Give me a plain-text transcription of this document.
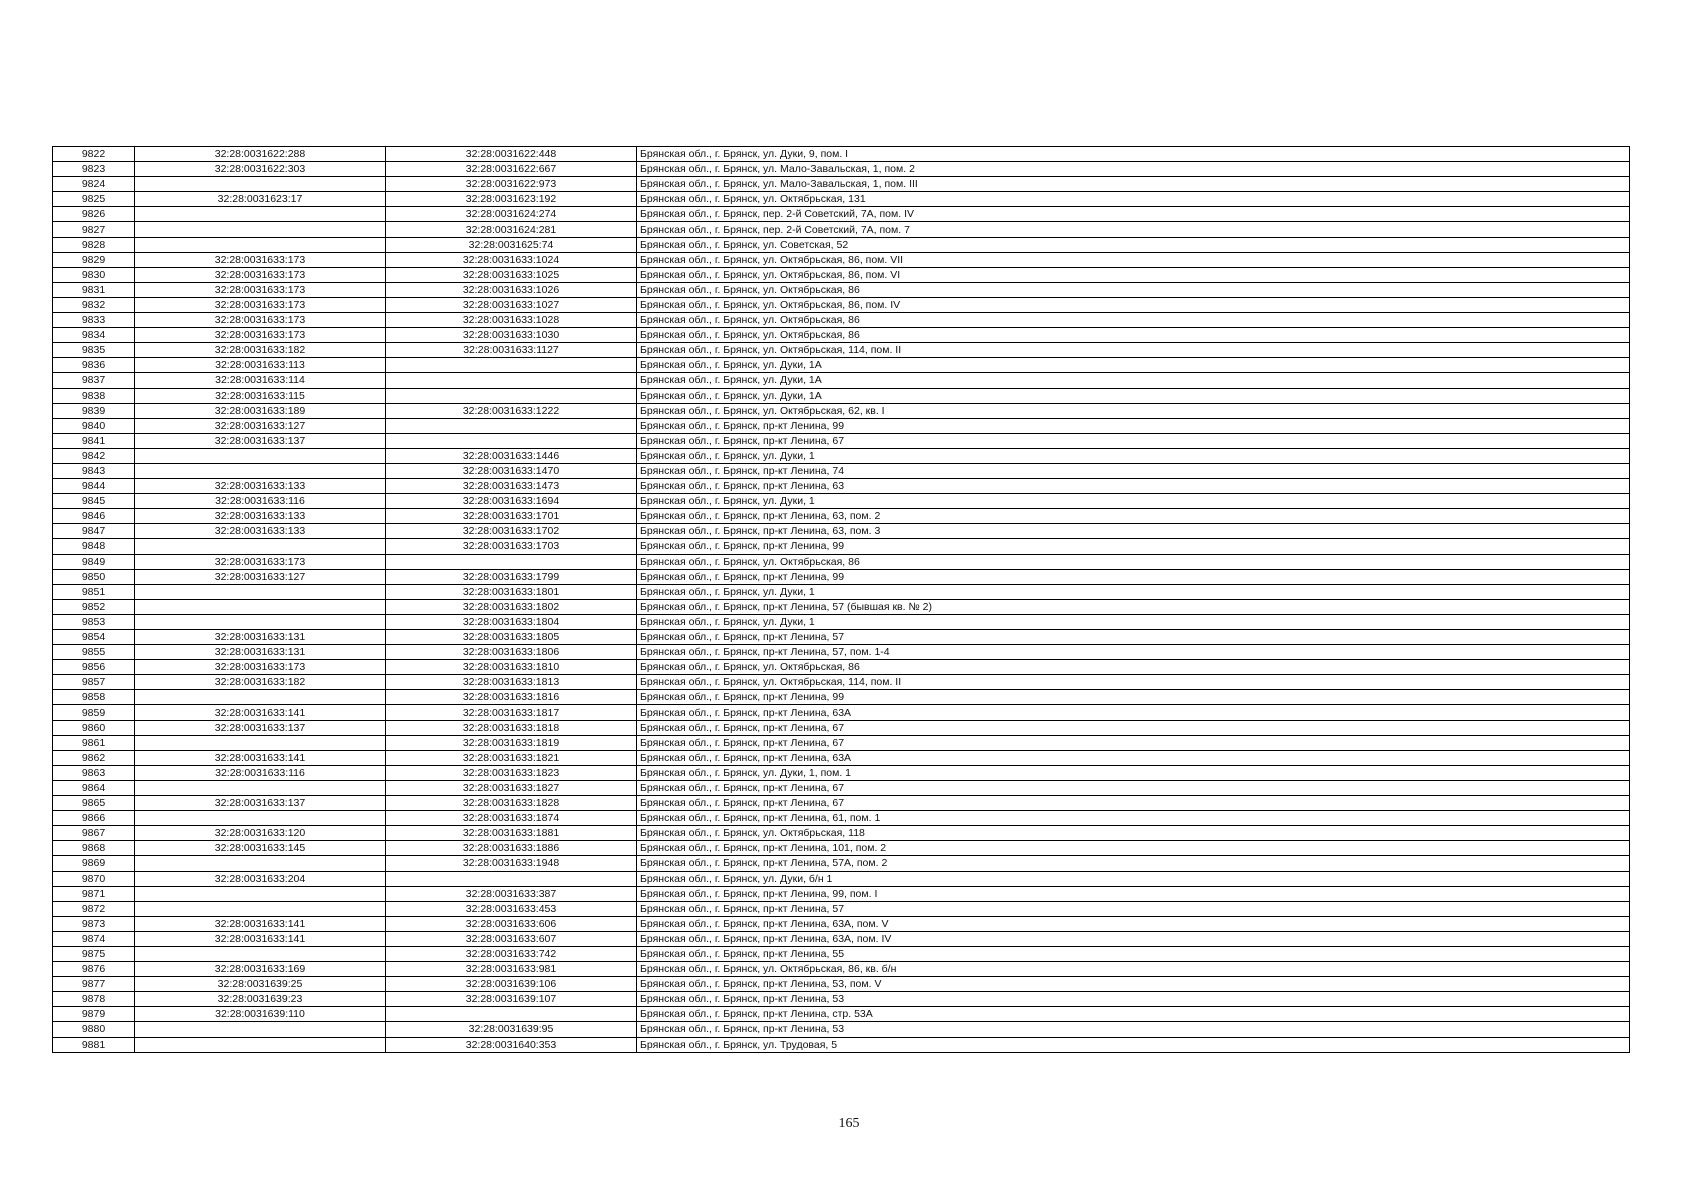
9822	32:28:0031622:288	32:28:0031622:448	Брянская обл., г. Брянск, ул. Дуки, 9, пом. I
9823	32:28:0031622:303	32:28:0031622:667	Брянская обл., г. Брянск, ул. Мало-Завальская, 1, пом. 2
9824		32:28:0031622:973	Брянская обл., г. Брянск, ул. Мало-Завальская, 1, пом. III
9825	32:28:0031623:17	32:28:0031623:192	Брянская обл., г. Брянск, ул. Октябрьская, 131
9826		32:28:0031624:274	Брянская обл., г. Брянск, пер. 2-й Советский, 7А, пом. IV
9827		32:28:0031624:281	Брянская обл., г. Брянск, пер. 2-й Советский, 7А, пом. 7
9828		32:28:0031625:74	Брянская обл., г. Брянск, ул. Советская, 52
9829	32:28:0031633:173	32:28:0031633:1024	Брянская обл., г. Брянск, ул. Октябрьская, 86, пом. VII
9830	32:28:0031633:173	32:28:0031633:1025	Брянская обл., г. Брянск, ул. Октябрьская, 86, пом. VI
9831	32:28:0031633:173	32:28:0031633:1026	Брянская обл., г. Брянск, ул. Октябрьская, 86
9832	32:28:0031633:173	32:28:0031633:1027	Брянская обл., г. Брянск, ул. Октябрьская, 86, пом. IV
9833	32:28:0031633:173	32:28:0031633:1028	Брянская обл., г. Брянск, ул. Октябрьская, 86
9834	32:28:0031633:173	32:28:0031633:1030	Брянская обл., г. Брянск, ул. Октябрьская, 86
9835	32:28:0031633:182	32:28:0031633:1127	Брянская обл., г. Брянск, ул. Октябрьская, 114, пом. II
9836	32:28:0031633:113		Брянская обл., г. Брянск, ул. Дуки, 1А
9837	32:28:0031633:114		Брянская обл., г. Брянск, ул. Дуки, 1А
9838	32:28:0031633:115		Брянская обл., г. Брянск, ул. Дуки, 1А
9839	32:28:0031633:189	32:28:0031633:1222	Брянская обл., г. Брянск, ул. Октябрьская, 62, кв. I
9840	32:28:0031633:127		Брянская обл., г. Брянск, пр-кт Ленина, 99
9841	32:28:0031633:137		Брянская обл., г. Брянск, пр-кт Ленина, 67
9842		32:28:0031633:1446	Брянская обл., г. Брянск, ул. Дуки, 1
9843		32:28:0031633:1470	Брянская обл., г. Брянск, пр-кт Ленина, 74
9844	32:28:0031633:133	32:28:0031633:1473	Брянская обл., г. Брянск, пр-кт Ленина, 63
9845	32:28:0031633:116	32:28:0031633:1694	Брянская обл., г. Брянск, ул. Дуки, 1
9846	32:28:0031633:133	32:28:0031633:1701	Брянская обл., г. Брянск, пр-кт Ленина, 63, пом. 2
9847	32:28:0031633:133	32:28:0031633:1702	Брянская обл., г. Брянск, пр-кт Ленина, 63, пом. 3
9848		32:28:0031633:1703	Брянская обл., г. Брянск, пр-кт Ленина, 99
9849	32:28:0031633:173		Брянская обл., г. Брянск, ул. Октябрьская, 86
9850	32:28:0031633:127	32:28:0031633:1799	Брянская обл., г. Брянск, пр-кт Ленина, 99
9851		32:28:0031633:1801	Брянская обл., г. Брянск, ул. Дуки, 1
9852		32:28:0031633:1802	Брянская обл., г. Брянск, пр-кт Ленина, 57 (бывшая кв. № 2)
9853		32:28:0031633:1804	Брянская обл., г. Брянск, ул. Дуки, 1
9854	32:28:0031633:131	32:28:0031633:1805	Брянская обл., г. Брянск, пр-кт Ленина, 57
9855	32:28:0031633:131	32:28:0031633:1806	Брянская обл., г. Брянск, пр-кт Ленина, 57, пом. 1-4
9856	32:28:0031633:173	32:28:0031633:1810	Брянская обл., г. Брянск, ул. Октябрьская, 86
9857	32:28:0031633:182	32:28:0031633:1813	Брянская обл., г. Брянск, ул. Октябрьская, 114, пом. II
9858		32:28:0031633:1816	Брянская обл., г. Брянск, пр-кт Ленина, 99
9859	32:28:0031633:141	32:28:0031633:1817	Брянская обл., г. Брянск, пр-кт Ленина, 63А
9860	32:28:0031633:137	32:28:0031633:1818	Брянская обл., г. Брянск, пр-кт Ленина, 67
9861		32:28:0031633:1819	Брянская обл., г. Брянск, пр-кт Ленина, 67
9862	32:28:0031633:141	32:28:0031633:1821	Брянская обл., г. Брянск, пр-кт Ленина, 63А
9863	32:28:0031633:116	32:28:0031633:1823	Брянская обл., г. Брянск, ул. Дуки, 1, пом. 1
9864		32:28:0031633:1827	Брянская обл., г. Брянск, пр-кт Ленина, 67
9865	32:28:0031633:137	32:28:0031633:1828	Брянская обл., г. Брянск, пр-кт Ленина, 67
9866		32:28:0031633:1874	Брянская обл., г. Брянск, пр-кт Ленина, 61, пом. 1
9867	32:28:0031633:120	32:28:0031633:1881	Брянская обл., г. Брянск, ул. Октябрьская, 118
9868	32:28:0031633:145	32:28:0031633:1886	Брянская обл., г. Брянск, пр-кт Ленина, 101, пом. 2
9869		32:28:0031633:1948	Брянская обл., г. Брянск, пр-кт Ленина, 57А, пом. 2
9870	32:28:0031633:204		Брянская обл., г. Брянск, ул. Дуки, б/н 1
9871		32:28:0031633:387	Брянская обл., г. Брянск, пр-кт Ленина, 99, пом. I
9872		32:28:0031633:453	Брянская обл., г. Брянск, пр-кт Ленина, 57
9873	32:28:0031633:141	32:28:0031633:606	Брянская обл., г. Брянск, пр-кт Ленина, 63А, пом. V
9874	32:28:0031633:141	32:28:0031633:607	Брянская обл., г. Брянск, пр-кт Ленина, 63А, пом. IV
9875		32:28:0031633:742	Брянская обл., г. Брянск, пр-кт Ленина, 55
9876	32:28:0031633:169	32:28:0031633:981	Брянская обл., г. Брянск, ул. Октябрьская, 86, кв. б/н
9877	32:28:0031639:25	32:28:0031639:106	Брянская обл., г. Брянск, пр-кт Ленина, 53, пом. V
9878	32:28:0031639:23	32:28:0031639:107	Брянская обл., г. Брянск, пр-кт Ленина, 53
9879	32:28:0031639:110		Брянская обл., г. Брянск, пр-кт Ленина, стр. 53А
9880		32:28:0031639:95	Брянская обл., г. Брянск, пр-кт Ленина, 53
9881		32:28:0031640:353	Брянская обл., г. Брянск, ул. Трудовая, 5
165
